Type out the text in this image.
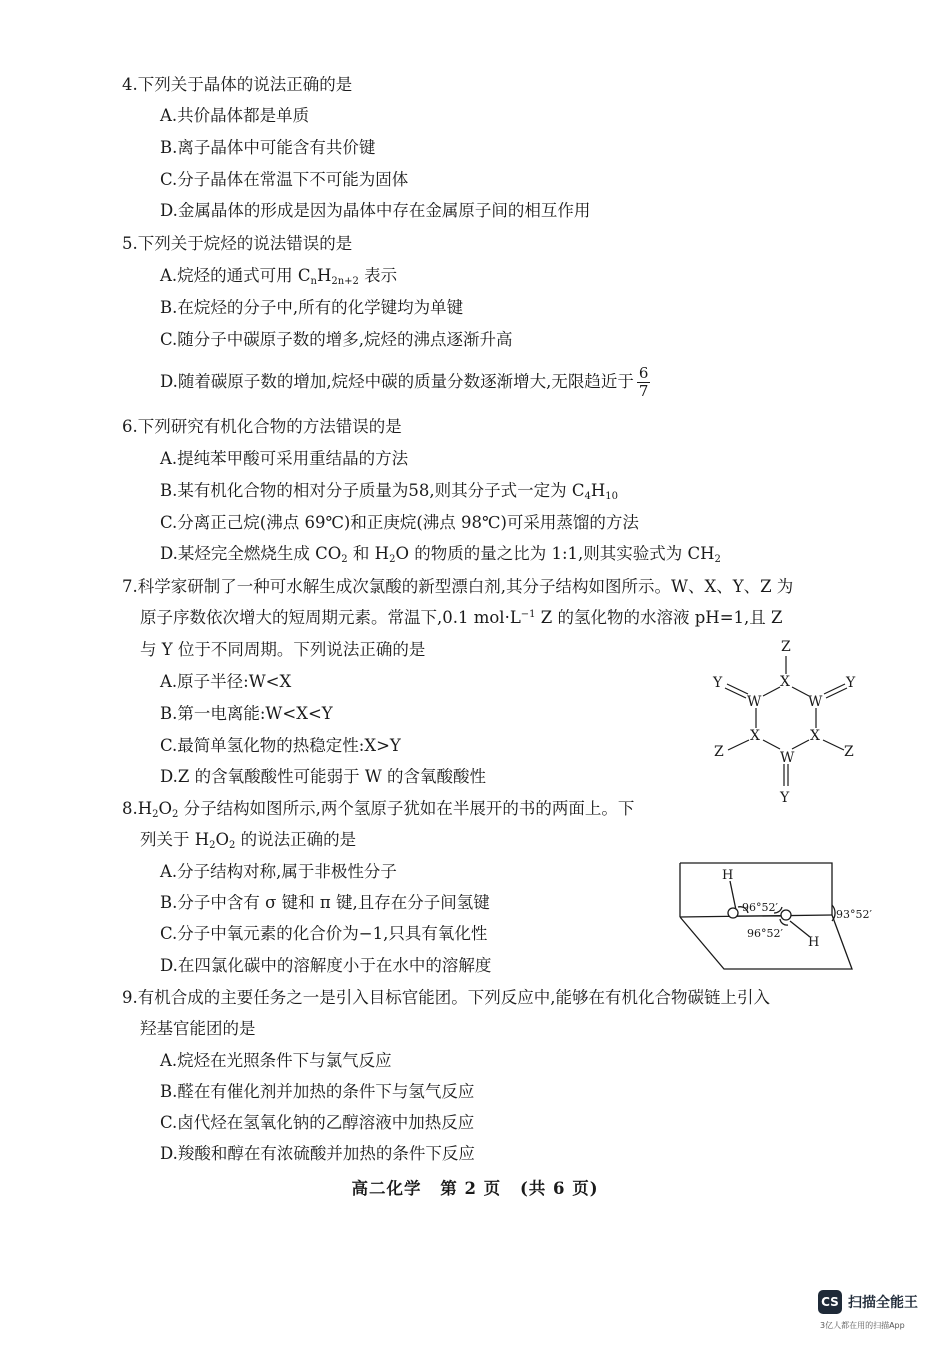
4.下列关于晶体的说法正确的是
A.共价晶体都是单质
B.离子晶体中可能含有共价键
C.分子晶体在常温下不可能为固体
D.金属晶体的形成是因为晶体中存在金属原子间的相互作用
5.下列关于烷烃的说法错误的是
A.烷烃的通式可用 $C_nH_{2n+2}$ 表示
B.在烷烃的分子中,所有的化学键均为单键
C.随分子中碳原子数的增多,烷烃的沸点逐渐升高
D.随着碳原子数的增加,烷烃中碳的质量分数逐渐增大,无限趋近于 $\frac{6}{7}$
6.下列研究有机化合物的方法错误的是
A.提纯苯甲酸可采用重结晶的方法
B.某有机化合物的相对分子质量为58,则其分子式一定为 $C_4H_{10}$
C.分离正己烷(沸点 69℃)和正庚烷(沸点 98℃)可采用蒸馏的方法
D.某烃完全燃烧生成 $CO_2$ 和 $H_2O$ 的物质的量之比为 1:1,则其实验式为 $CH_2$
7.科学家研制了一种可水解生成次氯酸的新型漂白剂,其分子结构如图所示。W、X、Y、Z 为
原子序数依次增大的短周期元素。常温下,0.1 $mol\cdot L^{-1}$ Z 的氢化物的水溶液 pH=1,且 Z
与 Y 位于不同周期。下列说法正确的是
A.原子半径:W<X
B.第一电离能:W<X<Y
C.最简单氢化物的热稳定性:X>Y
D.Z 的含氧酸酸性可能弱于 W 的含氧酸酸性
Z
X
W	W
Y	Y
X	X
W
Z	Z
Y
$8.H_2O_2$ 分子结构如图所示,两个氢原子犹如在半展开的书的两面上。下
列关于 $H_2O_2$ 的说法正确的是
A.分子结构对称,属于非极性分子
B.分子中含有 σ 键和 π 键,且存在分子间氢键
C.分子中氧元素的化合价为−1,只具有氧化性
D.在四氯化碳中的溶解度小于在水中的溶解度
H
H
96°52′
93°52′
96°52′
9.有机合成的主要任务之一是引入目标官能团。下列反应中,能够在有机化合物碳链上引入
羟基官能团的是
A.烷烃在光照条件下与氯气反应
B.醛在有催化剂并加热的条件下与氢气反应
C.卤代烃在氢氧化钠的乙醇溶液中加热反应
D.羧酸和醇在有浓硫酸并加热的条件下反应
高二化学 第 2 页 (共 6 页)
CS 扫描全能王
3亿人都在用的扫描App
